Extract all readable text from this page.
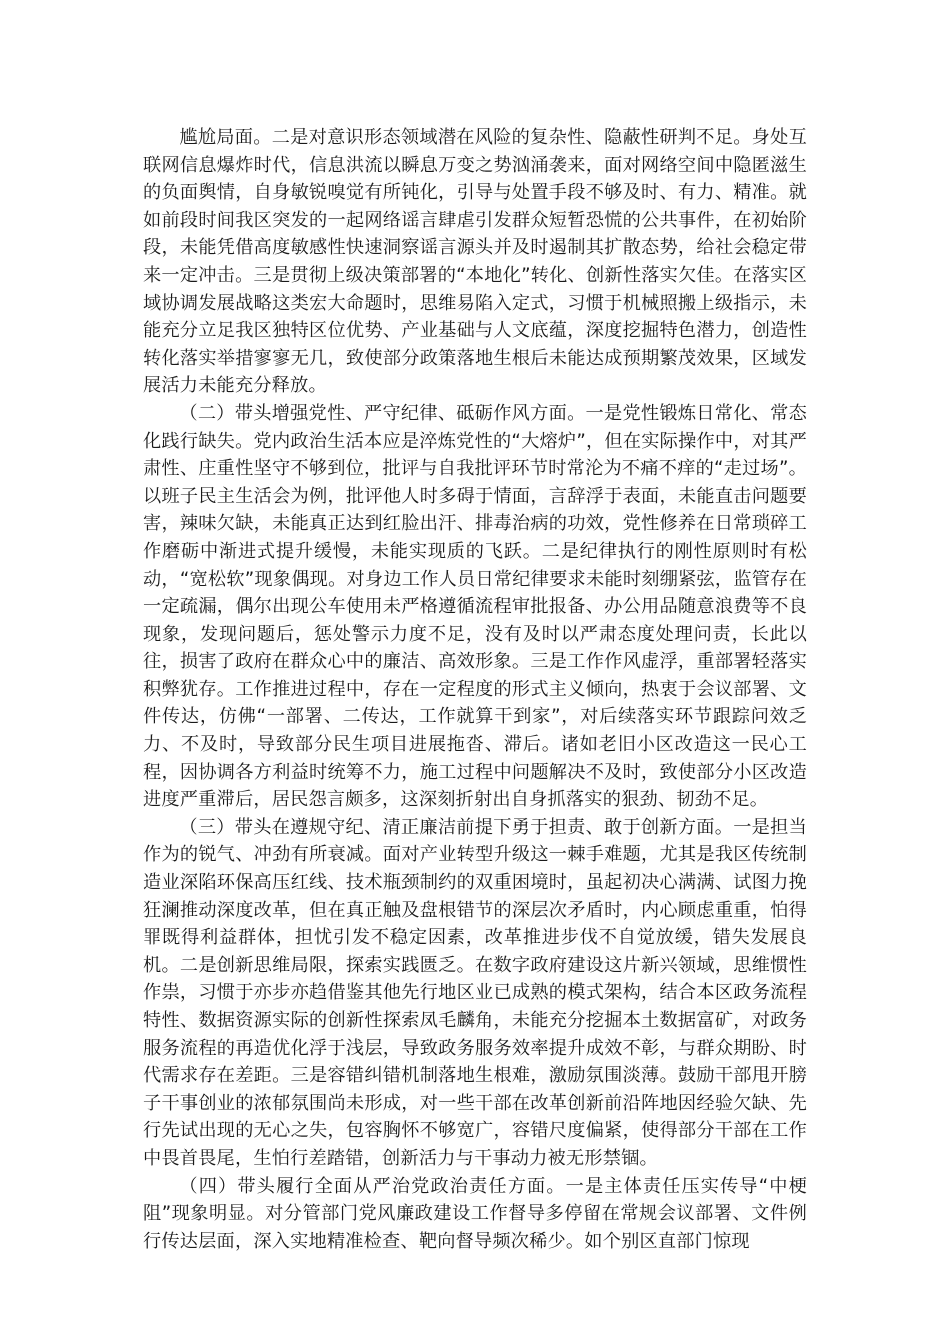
尴尬局面。二是对意识形态领域潜在风险的复杂性、隐蔽性研判不足。身处互联网信息爆炸时代，信息洪流以瞬息万变之势汹涌袭来，面对网络空间中隐匿滋生的负面舆情，自身敏锐嗅觉有所钝化，引导与处置手段不够及时、有力、精准。就如前段时间我区突发的一起网络谣言肆虐引发群众短暂恐慌的公共事件，在初始阶段，未能凭借高度敏感性快速洞察谣言源头并及时遏制其扩散态势，给社会稳定带来一定冲击。三是贯彻上级决策部署的“本地化”转化、创新性落实欠佳。在落实区域协调发展战略这类宏大命题时，思维易陷入定式，习惯于机械照搬上级指示，未能充分立足我区独特区位优势、产业基础与人文底蕴，深度挖掘特色潜力，创造性转化落实举措寥寥无几，致使部分政策落地生根后未能达成预期繁茂效果，区域发展活力未能充分释放。

（二）带头增强党性、严守纪律、砥砺作风方面。一是党性锻炼日常化、常态化践行缺失。党内政治生活本应是淬炼党性的“大熔炉”，但在实际操作中，对其严肃性、庄重性坚守不够到位，批评与自我批评环节时常沦为不痛不痒的“走过场”。以班子民主生活会为例，批评他人时多碍于情面，言辞浮于表面，未能直击问题要害，辣味欠缺，未能真正达到红脸出汗、排毒治病的功效，党性修养在日常琐碎工作磨砺中渐进式提升缓慢，未能实现质的飞跃。二是纪律执行的刚性原则时有松动，“宽松软”现象偶现。对身边工作人员日常纪律要求未能时刻绷紧弦，监管存在一定疏漏，偶尔出现公车使用未严格遵循流程审批报备、办公用品随意浪费等不良现象，发现问题后，惩处警示力度不足，没有及时以严肃态度处理问责，长此以往，损害了政府在群众心中的廉洁、高效形象。三是工作作风虚浮，重部署轻落实积弊犹存。工作推进过程中，存在一定程度的形式主义倾向，热衷于会议部署、文件传达，仿佛“一部署、二传达，工作就算干到家”，对后续落实环节跟踪问效乏力、不及时，导致部分民生项目进展拖沓、滞后。诸如老旧小区改造这一民心工程，因协调各方利益时统筹不力，施工过程中问题解决不及时，致使部分小区改造进度严重滞后，居民怨言颇多，这深刻折射出自身抓落实的狠劲、韧劲不足。

（三）带头在遵规守纪、清正廉洁前提下勇于担责、敢于创新方面。一是担当作为的锐气、冲劲有所衰减。面对产业转型升级这一棘手难题，尤其是我区传统制造业深陷环保高压红线、技术瓶颈制约的双重困境时，虽起初决心满满、试图力挽狂澜推动深度改革，但在真正触及盘根错节的深层次矛盾时，内心顾虑重重，怕得罪既得利益群体，担忧引发不稳定因素，改革推进步伐不自觉放缓，错失发展良机。二是创新思维局限，探索实践匮乏。在数字政府建设这片新兴领域，思维惯性作祟，习惯于亦步亦趋借鉴其他先行地区业已成熟的模式架构，结合本区政务流程特性、数据资源实际的创新性探索凤毛麟角，未能充分挖掘本土数据富矿，对政务服务流程的再造优化浮于浅层，导致政务服务效率提升成效不彰，与群众期盼、时代需求存在差距。三是容错纠错机制落地生根难，激励氛围淡薄。鼓励干部甩开膀子干事创业的浓郁氛围尚未形成，对一些干部在改革创新前沿阵地因经验欠缺、先行先试出现的无心之失，包容胸怀不够宽广，容错尺度偏紧，使得部分干部在工作中畏首畏尾，生怕行差踏错，创新活力与干事动力被无形禁锢。

（四）带头履行全面从严治党政治责任方面。一是主体责任压实传导“中梗阻”现象明显。对分管部门党风廉政建设工作督导多停留在常规会议部署、文件例行传达层面，深入实地精准检查、靶向督导频次稀少。如个别区直部门惊现
